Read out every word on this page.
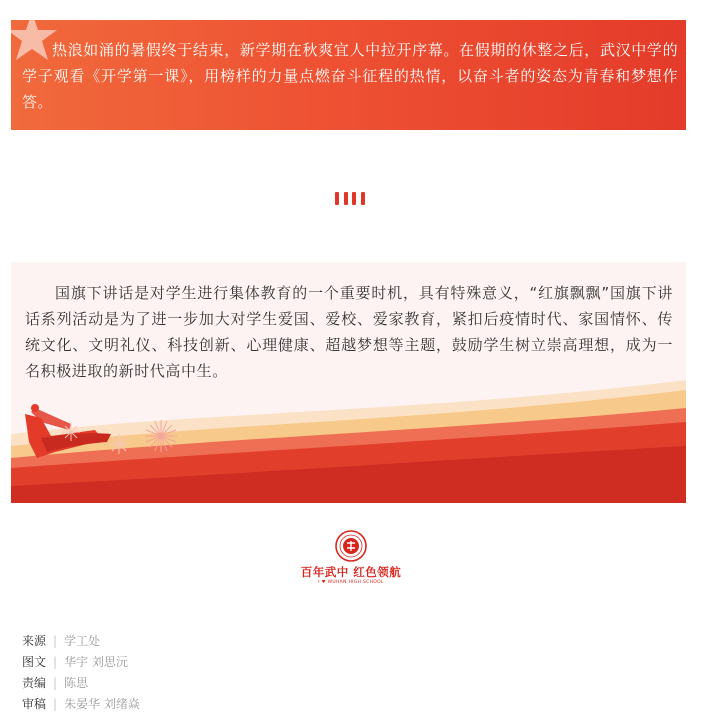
热浪如涌的暑假终于结束，新学期在秋爽宜人中拉开序幕。在假期的休整之后，武汉中学的学子观看《开学第一课》，用榜样的力量点燃奋斗征程的热情，以奋斗者的姿态为青春和梦想作答。

国旗下讲话是对学生进行集体教育的一个重要时机，具有特殊意义，“红旗飘飘”国旗下讲话系列活动是为了进一步加大对学生爱国、爱校、爱家教育，紧扣后疫情时代、家国情怀、传统文化、文明礼仪、科技创新、心理健康、超越梦想等主题，鼓励学生树立崇高理想，成为一名积极进取的新时代高中生。

百年武中 红色领航
I ♥ WUHAN HIGH SCHOOL
来源 | 学工处
图文 | 华宇 刘思沅
责编 | 陈思
审稿 | 朱晏华 刘绪焱
